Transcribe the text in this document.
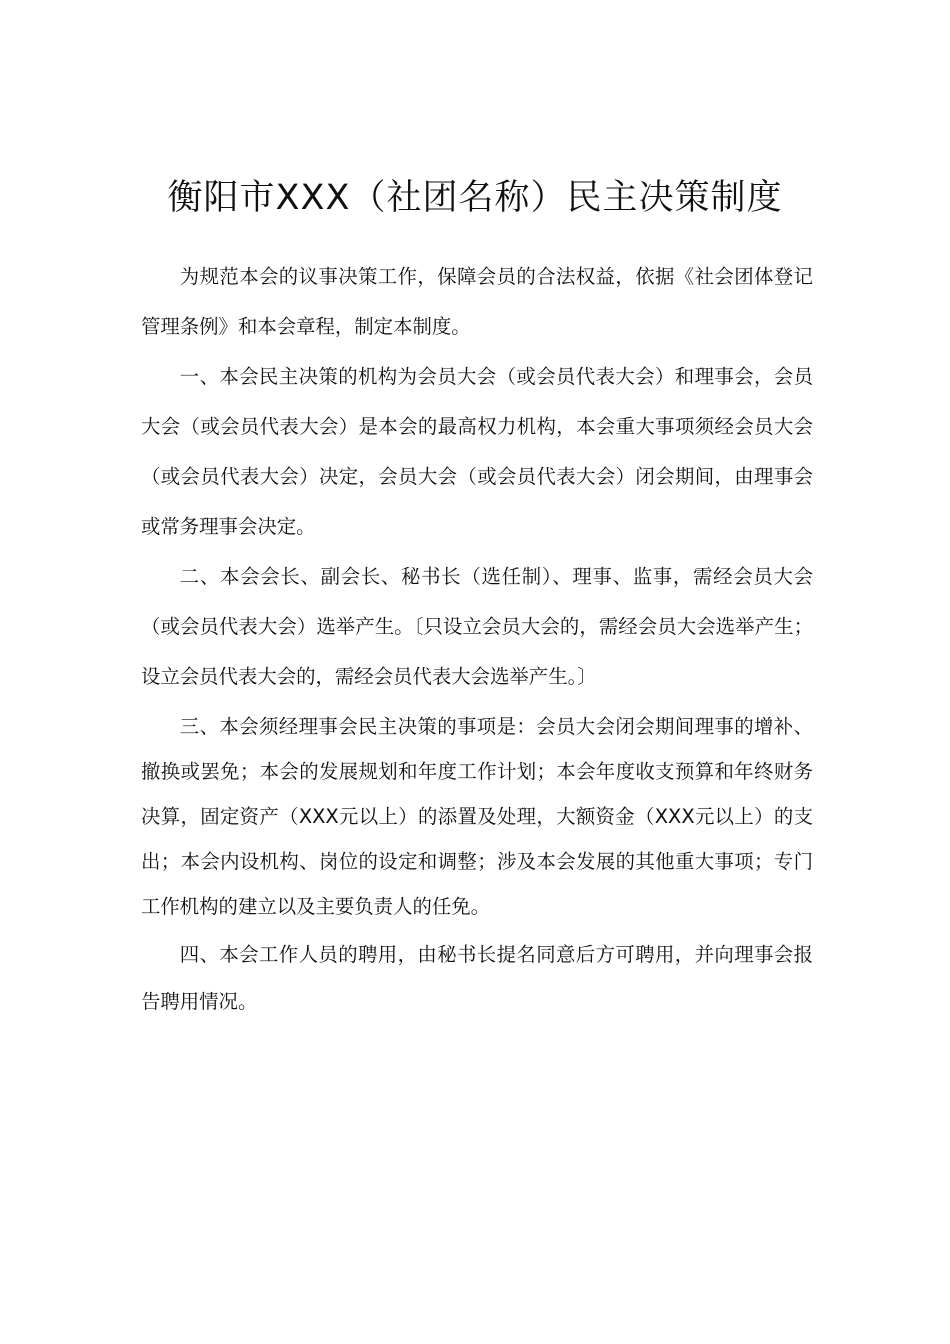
衡阳市XXX（社团名称）民主决策制度

为规范本会的议事决策工作，保障会员的合法权益，依据《社会团体登记管理条例》和本会章程，制定本制度。

一、本会民主决策的机构为会员大会（或会员代表大会）和理事会，会员大会（或会员代表大会）是本会的最高权力机构，本会重大事项须经会员大会（或会员代表大会）决定，会员大会（或会员代表大会）闭会期间，由理事会或常务理事会决定。

二、本会会长、副会长、秘书长（选任制）、理事、监事，需经会员大会（或会员代表大会）选举产生。〔只设立会员大会的，需经会员大会选举产生；设立会员代表大会的，需经会员代表大会选举产生。〕

三、本会须经理事会民主决策的事项是：会员大会闭会期间理事的增补、撤换或罢免；本会的发展规划和年度工作计划；本会年度收支预算和年终财务决算，固定资产（XXX元以上）的添置及处理，大额资金（XXX元以上）的支出；本会内设机构、岗位的设定和调整；涉及本会发展的其他重大事项；专门工作机构的建立以及主要负责人的任免。

四、本会工作人员的聘用，由秘书长提名同意后方可聘用，并向理事会报告聘用情况。
